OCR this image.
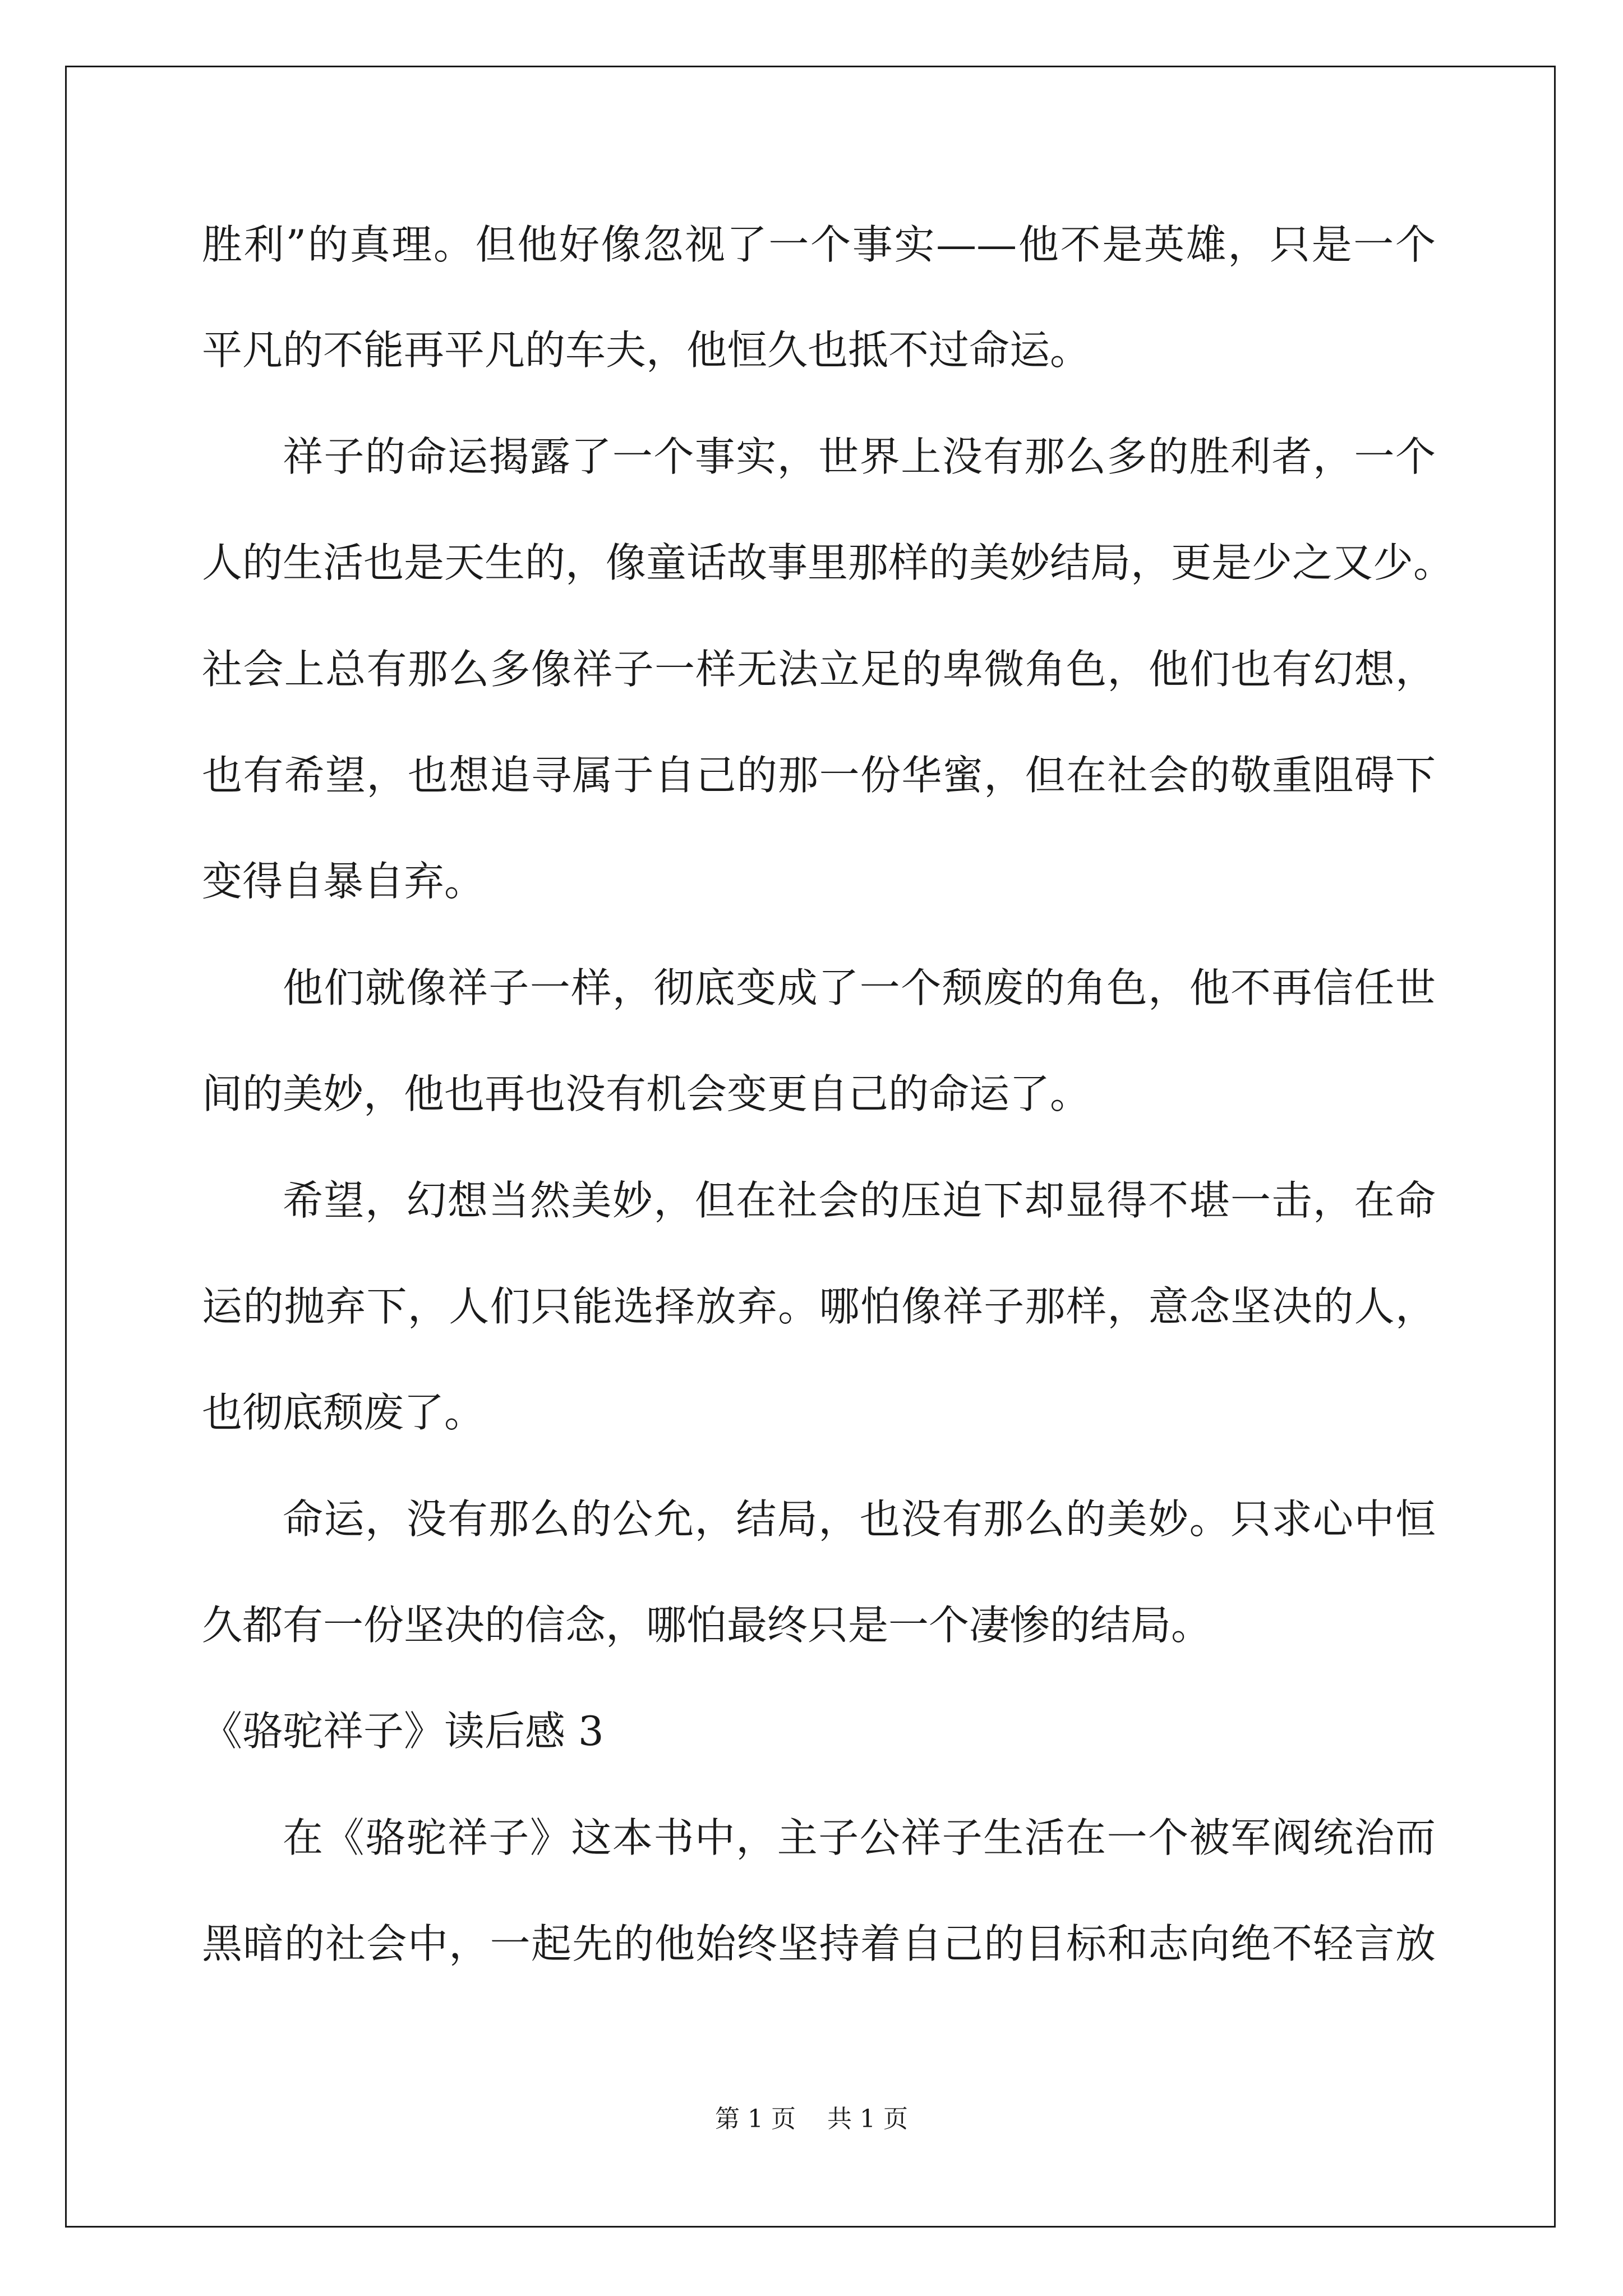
胜利”的真理。但他好像忽视了一个事实——他不是英雄，只是一个
平凡的不能再平凡的车夫，他恒久也抵不过命运。
祥子的命运揭露了一个事实，世界上没有那么多的胜利者，一个
人的生活也是天生的，像童话故事里那样的美妙结局，更是少之又少。
社会上总有那么多像祥子一样无法立足的卑微角色，他们也有幻想，
也有希望，也想追寻属于自己的那一份华蜜，但在社会的敬重阻碍下
变得自暴自弃。
他们就像祥子一样，彻底变成了一个颓废的角色，他不再信任世
间的美妙，他也再也没有机会变更自己的命运了。
希望，幻想当然美妙，但在社会的压迫下却显得不堪一击，在命
运的抛弃下，人们只能选择放弃。哪怕像祥子那样，意念坚决的人，
也彻底颓废了。
命运，没有那么的公允，结局，也没有那么的美妙。只求心中恒
久都有一份坚决的信念，哪怕最终只是一个凄惨的结局。
《骆驼祥子》读后感 3
在《骆驼祥子》这本书中，主子公祥子生活在一个被军阀统治而
黑暗的社会中，一起先的他始终坚持着自己的目标和志向绝不轻言放
第 1 页 共 1 页
